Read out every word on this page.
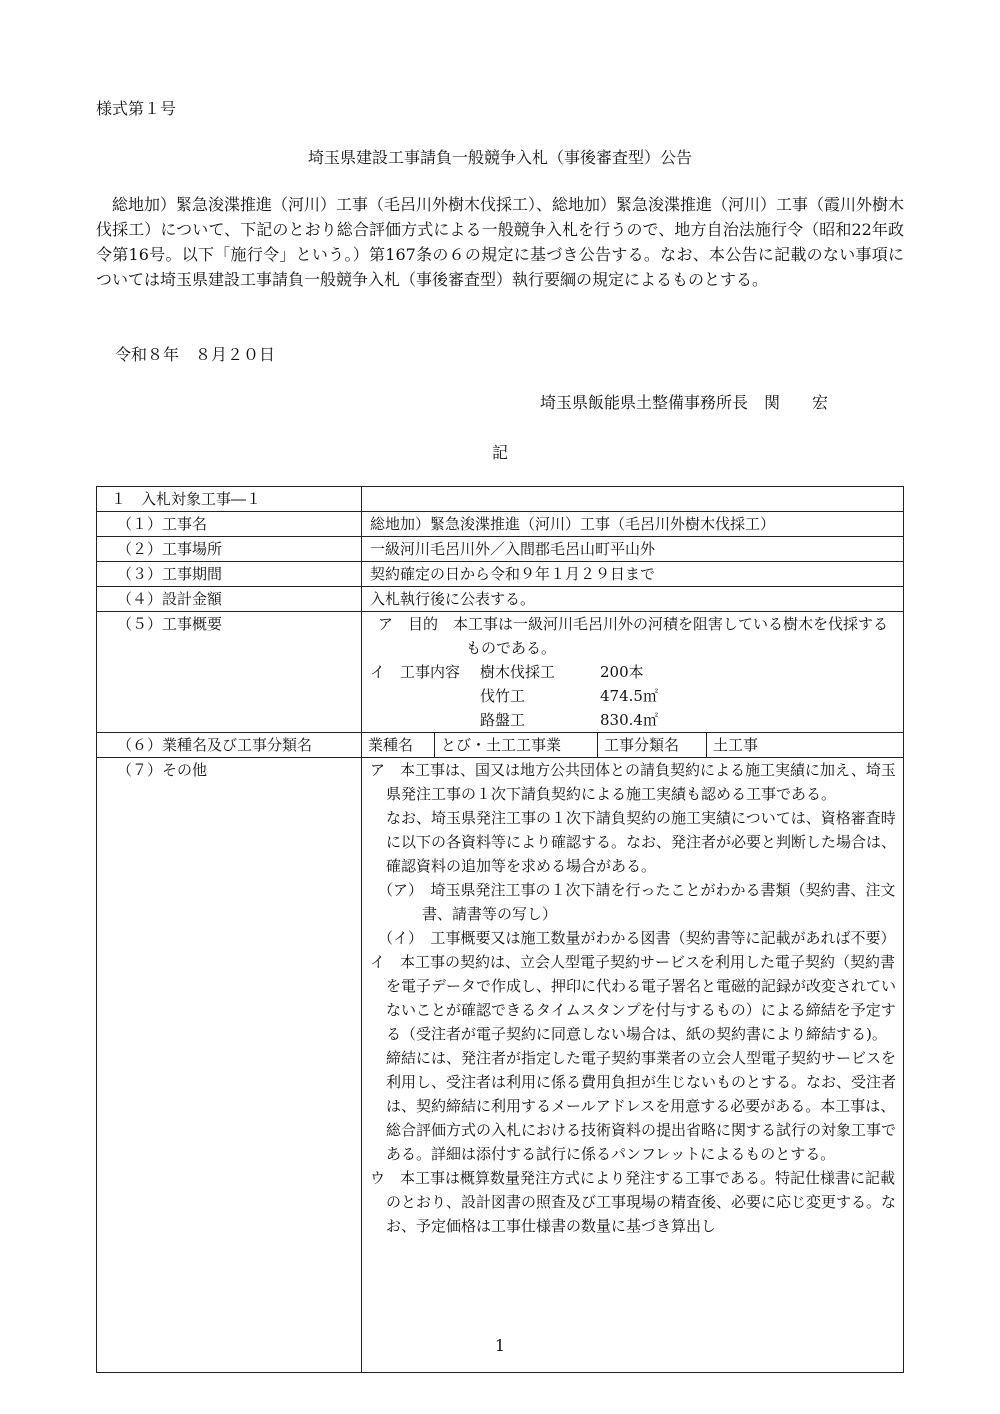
様式第１号
埼玉県建設工事請負一般競争入札（事後審査型）公告
総地加）緊急浚渫推進（河川）工事（毛呂川外樹木伐採工）、総地加）緊急浚渫推進（河川）工事（霞川外樹木伐採工）について、下記のとおり総合評価方式による一般競争入札を行うので、地方自治法施行令（昭和22年政令第16号。以下「施行令」という。）第167条の６の規定に基づき公告する。なお、本公告に記載のない事項については埼玉県建設工事請負一般競争入札（事後審査型）執行要綱の規定によるものとする。
令和８年　８月２０日
埼玉県飯能県土整備事務所長　関　　宏
記
１　入札対象工事―１	
（１）工事名	総地加）緊急浚渫推進（河川）工事（毛呂川外樹木伐採工）
（２）工事場所	一級河川毛呂川外／入間郡毛呂山町平山外
（３）工事期間	契約確定の日から令和９年１月２９日まで
（４）設計金額	入札執行後に公表する。
（５）工事概要	ア　目的　本工事は一級河川毛呂川外の河積を阻害している樹木を伐採するものである。
イ　工事内容	樹木伐採工	200本
伐竹工	474.5㎡
路盤工	830.4㎡

（６）業種名及び工事分類名		業種名	とび・土工工事業	工事分類名	土工事

（７）その他	ア　本工事は、国又は地方公共団体との請負契約による施工実績に加え、埼玉県発注工事の１次下請負契約による施工実績も認める工事である。
なお、埼玉県発注工事の１次下請負契約の施工実績については、資格審査時に以下の各資料等により確認する。なお、発注者が必要と判断した場合は、確認資料の追加等を求める場合がある。
（ア）　埼玉県発注工事の１次下請を行ったことがわかる書類（契約書、注文書、請書等の写し）
（イ）　工事概要又は施工数量がわかる図書（契約書等に記載があれば不要）
イ　本工事の契約は、立会人型電子契約サービスを利用した電子契約（契約書を電子データで作成し、押印に代わる電子署名と電磁的記録が改変されていないことが確認できるタイムスタンプを付与するもの）による締結を予定する（受注者が電子契約に同意しない場合は、紙の契約書により締結する)。締結には、発注者が指定した電子契約事業者の立会人型電子契約サービスを利用し、受注者は利用に係る費用負担が生じないものとする。なお、受注者は、契約締結に利用するメールアドレスを用意する必要がある。本工事は、総合評価方式の入札における技術資料の提出省略に関する試行の対象工事である。詳細は添付する試行に係るパンフレットによるものとする。
ウ　本工事は概算数量発注方式により発注する工事である。特記仕様書に記載のとおり、設計図書の照査及び工事現場の精査後、必要に応じ変更する。なお、予定価格は工事仕様書の数量に基づき算出し
1
